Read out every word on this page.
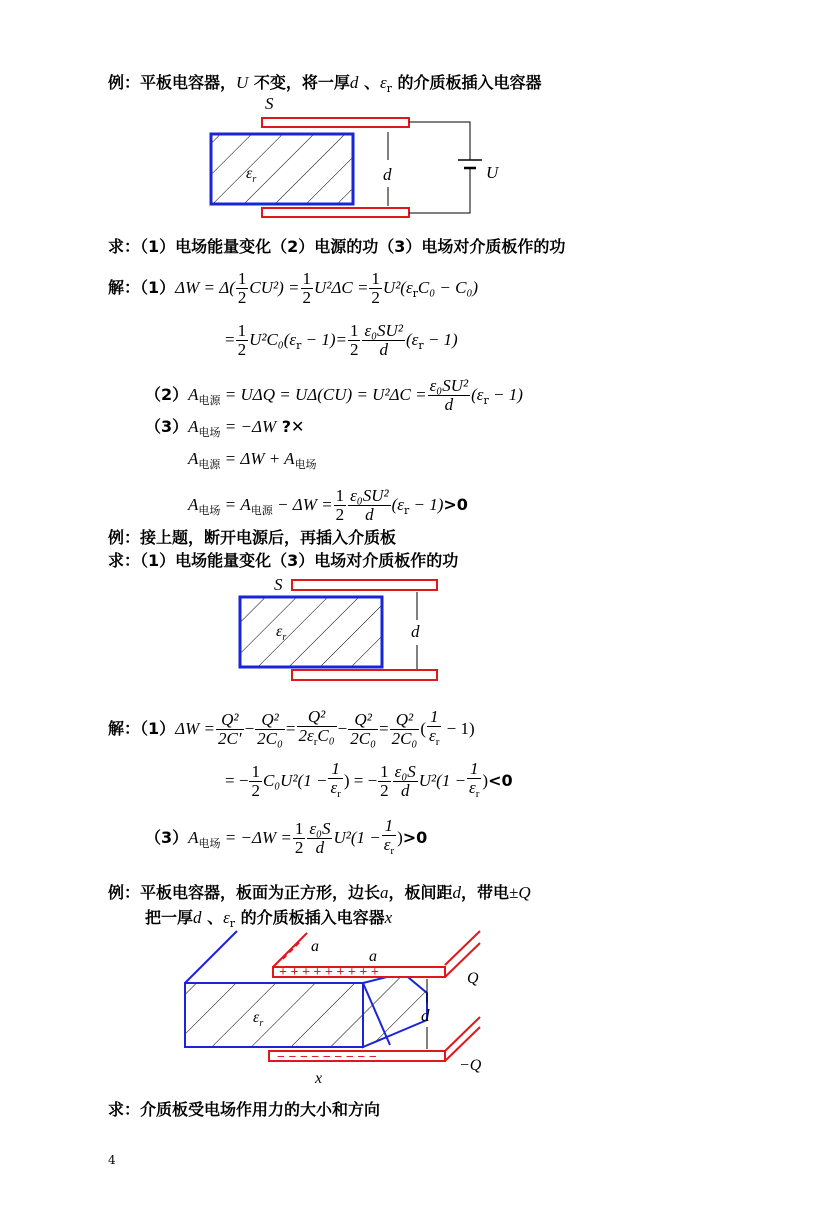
例：平板电容器，U 不变，将一厚d 、$\varepsilon_r$ 的介质板插入电容器
S
$\varepsilon_r$	d	U
求：（1）电场能量变化（2）电源的功（3）电场对介质板作的功
解：$(1)\Delta W = \Delta( \frac{1}{2} CU^2) = \frac{1}{2} U^2\Delta C = \frac{1}{2} U^2(\varepsilon_rC_0 - C_0)$
= $\frac{1}{2} U^2C_0(\varepsilon_r - 1)= \frac{1}{2} \frac{\text{ε₀SU²}}{d} (\varepsilon_r - 1)$
$(2)A_{电源} = U\Delta Q = U\Delta(CU) = U^2\Delta C = \frac{\text{ε₀SU²}}{d} (\varepsilon_r - 1)$
$(3)A_{电场} = -\Delta W$ ?✕
$A_{电源} = \Delta W + A_{电场}$
$A_{电场} = A_{电源} - \Delta W = \frac{1}{2} \frac{\text{ε₀SU²}}{d} (\varepsilon_r - 1)>0$
例：接上题，断开电源后，再插入介质板
求：（1）电场能量变化（3）电场对介质板作的功
S
$\varepsilon_r$	d
解：$(1)\Delta W = \frac{\text{Q²}}{2C'} - \frac{\text{Q²}}{\text{2C₀}} = \frac{\text{Q²}}{2\varepsilon_rC_0} - \frac{\text{Q²}}{\text{2C₀}} = \frac{\text{Q²}}{\text{2C₀}}$ ( $\frac{1}{\varepsilon_r} - 1$)
= − $\frac{1}{2} C_0U^2(1 - \frac{1}{\varepsilon_r}$ ) = − $\frac{1}{2} \frac{\text{ε₀S}}{d} U^2(1 - \frac{1}{\varepsilon_r} )<0$
$(3)A_{电场} = -\Delta W = \frac{1}{2} \frac{\text{ε₀S}}{d} U^2(1 - \frac{1}{\varepsilon_r} )>0$
例：平板电容器，板面为正方形，边长a，板间距d，带电±Q
把一厚d 、$\varepsilon_r$ 的介质板插入电容器x
$\varepsilon_r$
+ + + + + + + + +
a
a
Q
d
− − − − − − − − −	−Q
x
求：介质板受电场作用力的大小和方向
4
